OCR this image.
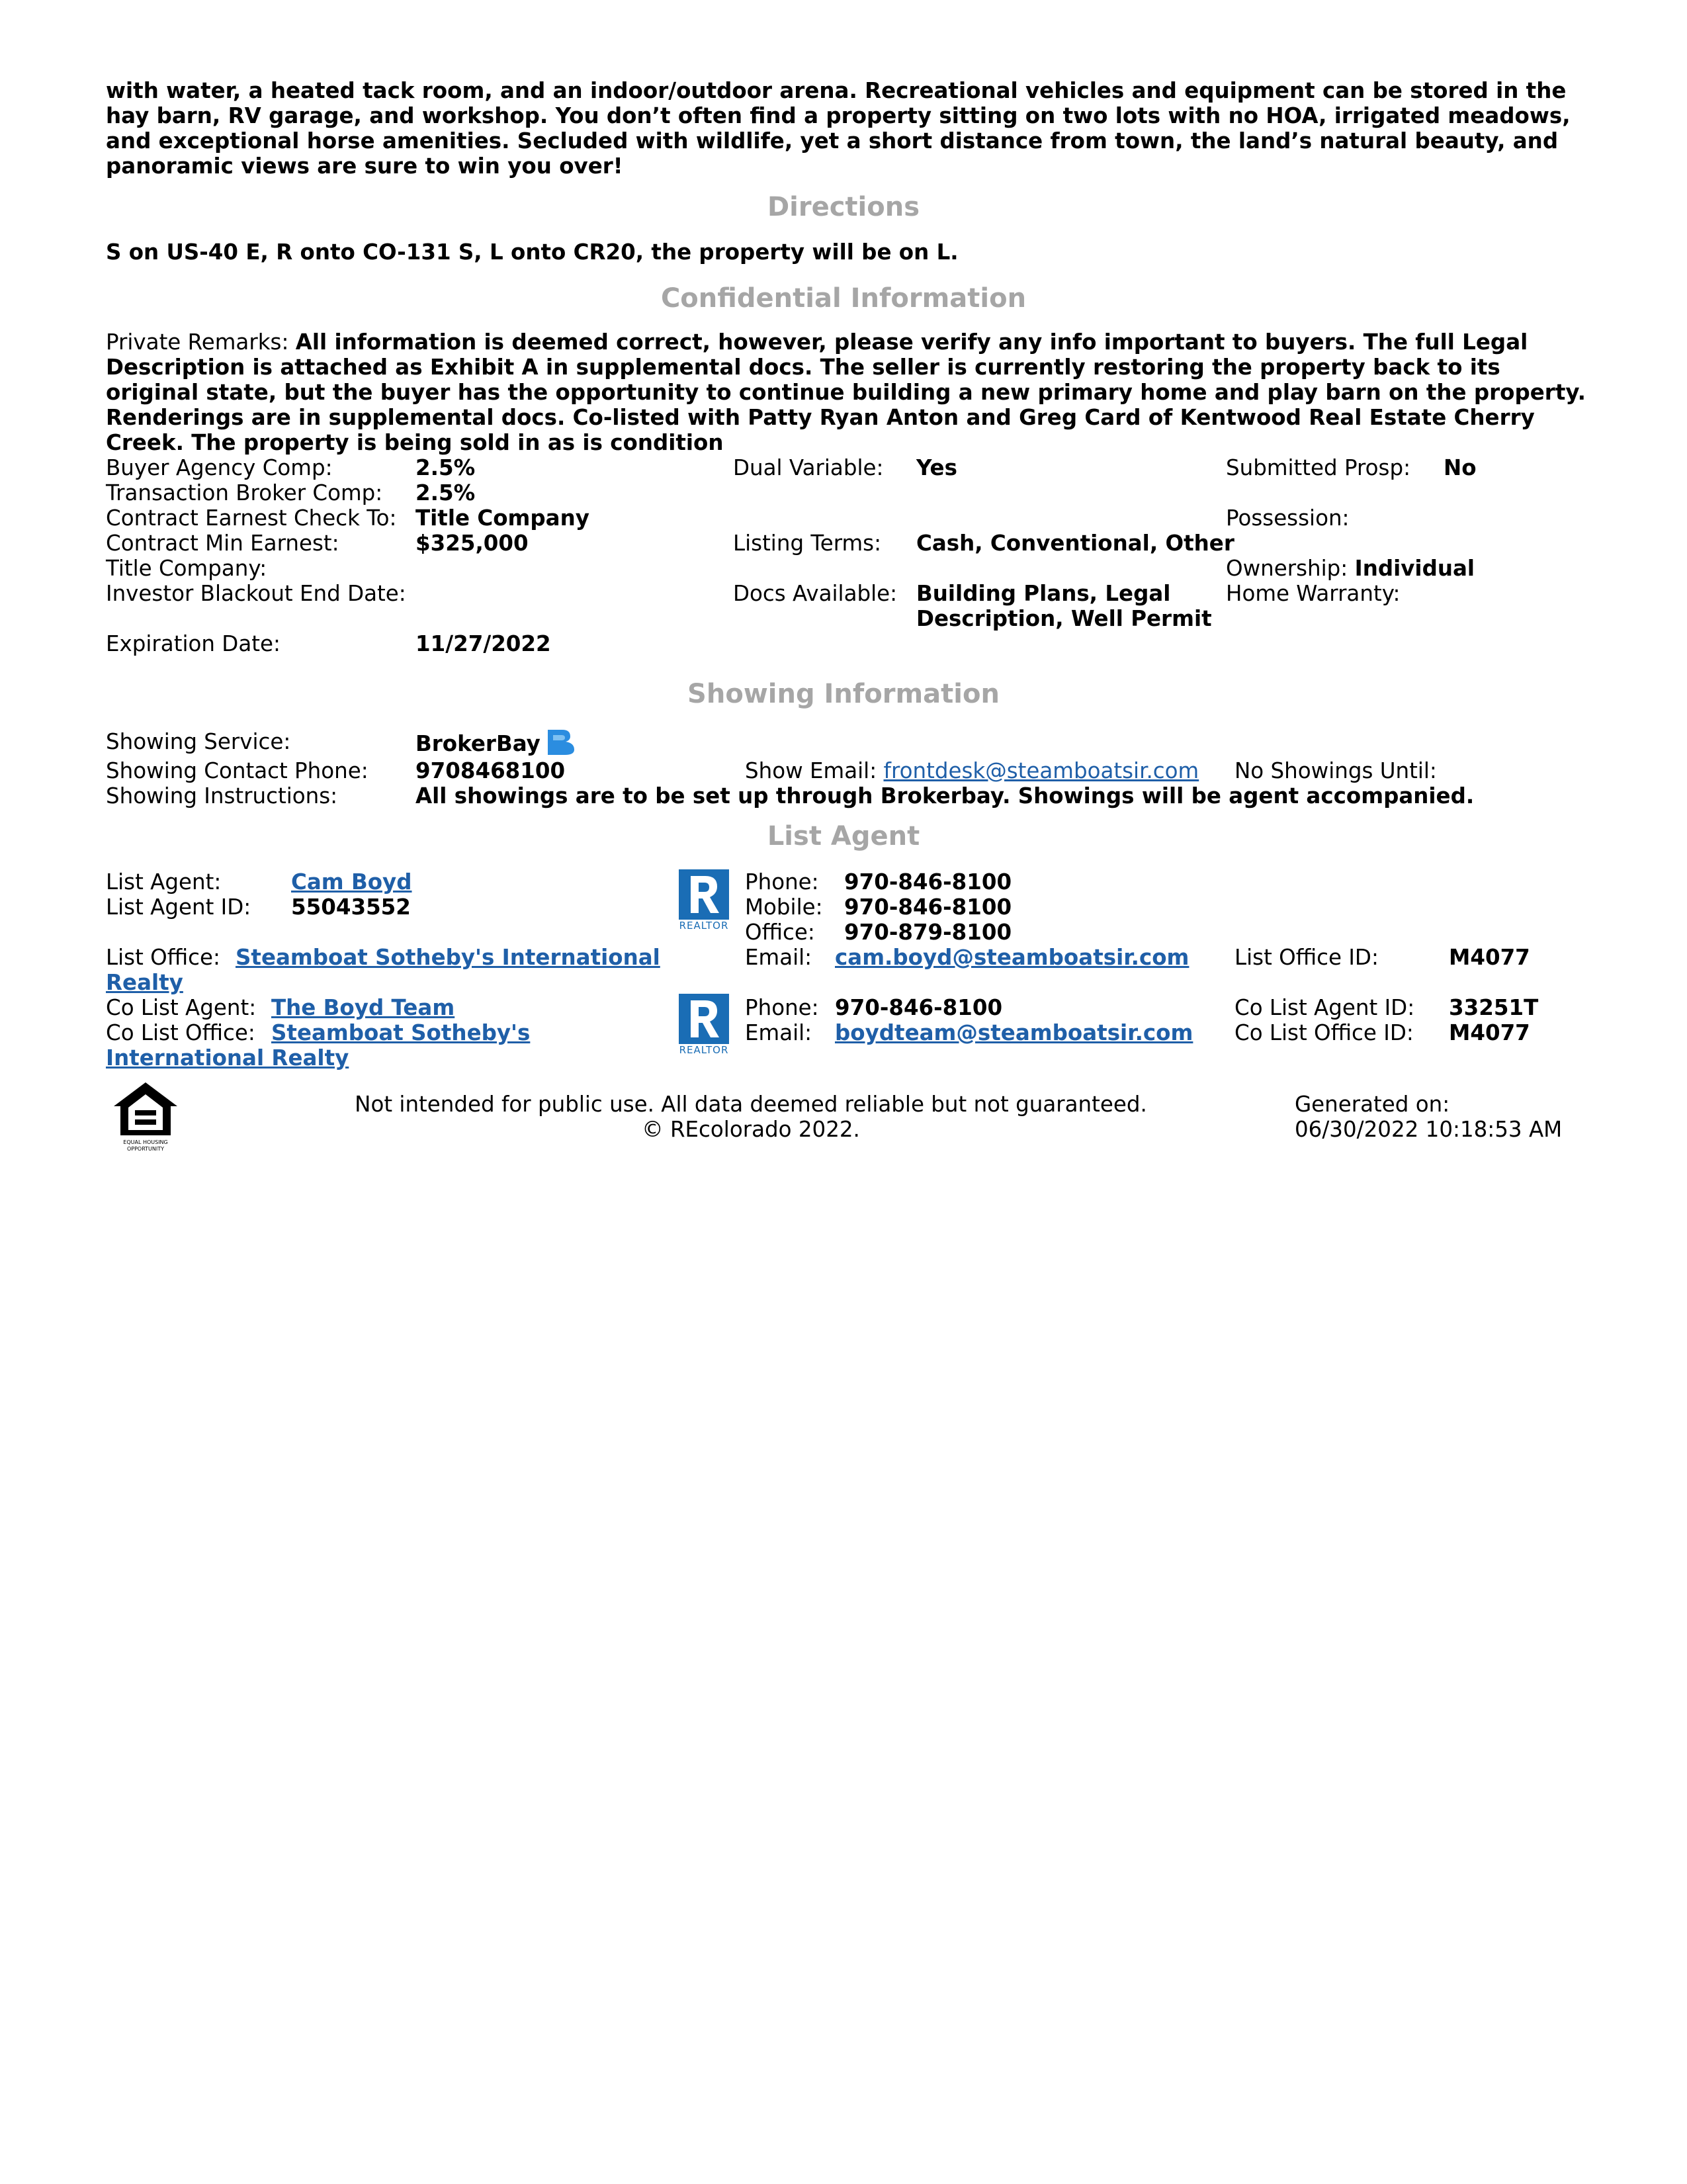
with water, a heated tack room, and an indoor/outdoor arena. Recreational vehicles and equipment can be stored in the hay barn, RV garage, and workshop. You don’t often find a property sitting on two lots with no HOA, irrigated meadows, and exceptional horse amenities. Secluded with wildlife, yet a short distance from town, the land’s natural beauty, and panoramic views are sure to win you over!
Directions
S on US-40 E, R onto CO-131 S, L onto CR20, the property will be on L.
Confidential Information
Private Remarks: All information is deemed correct, however, please verify any info important to buyers. The full Legal
Description is attached as Exhibit A in supplemental docs. The seller is currently restoring the property back to its original state, but the buyer has the opportunity to continue building a new primary home and play barn on the property. Renderings are in supplemental docs. Co-listed with Patty Ryan Anton and Greg Card of Kentwood Real Estate Cherry Creek. The property is being sold in as is condition
Buyer Agency Comp:	2.5%
Transaction Broker Comp: 2.5%
Contract Earnest Check To: Title Company
Contract Min Earnest:	$325,000
Title Company:
Investor Blackout End Date:
Expiration Date:	11/27/2022
Dual Variable: Yes
Listing Terms: Cash, Conventional, Other
Docs Available: Building Plans, Legal
Description, Well Permit
Submitted Prosp: No
Possession:
Ownership: Individual
Home Warranty:
Showing Information
Showing Service:	BrokerBay
Showing Contact Phone: 9708468100	Show Email: frontdesk@steamboatsir.com No Showings Until:
Showing Instructions:	All showings are to be set up through Brokerbay. Showings will be agent accompanied.
List Agent
List Agent:	Cam Boyd
List Agent ID: 55043552
REALTOR
Phone: 970-846-8100
Mobile: 970-846-8100
Office: 970-879-8100
List Office: Steamboat Sotheby's International
Realty
Email: cam.boyd@steamboatsir.com List Office ID:	M4077
Co List Agent: The Boyd Team
Co List Office: Steamboat Sotheby's
International Realty	REALTOR
Phone: 970-846-8100
Email: boydteam@steamboatsir.com
Co List Agent ID: 33251T
Co List Office ID: M4077
EQUAL HOUSING OPPORTUNITY
Not intended for public use. All data deemed reliable but not guaranteed.
© REcolorado 2022.
Generated on:
06/30/2022 10:18:53 AM
